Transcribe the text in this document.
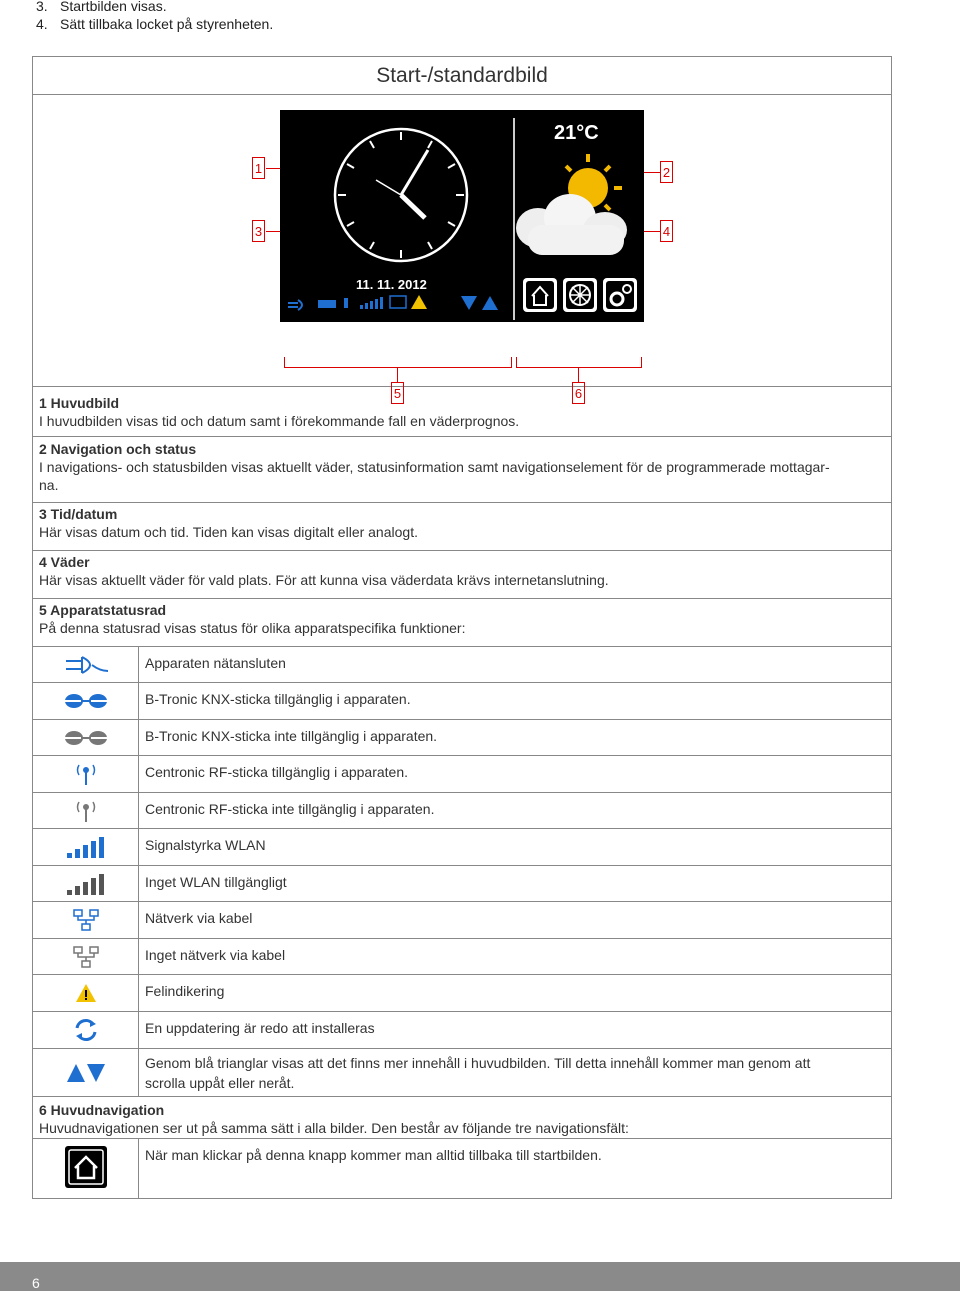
3. Startbilden visas.
4. Sätt tillbaka locket på styrenheten.
Start-/standardbild
1	2
3	4
5	6
11. 11. 2012
21°C
1 Huvudbild
I huvudbilden visas tid och datum samt i förekommande fall en väderprognos.
2 Navigation och status
I navigations- och statusbilden visas aktuellt väder, statusinformation samt navigationselement för de programmerade mottagar-
na.
3 Tid/datum
Här visas datum och tid. Tiden kan visas digitalt eller analogt.
4 Väder
Här visas aktuellt väder för vald plats. För att kunna visa väderdata krävs internetanslutning.
5 Apparatstatusrad
På denna statusrad visas status för olika apparatspecifika funktioner:
Apparaten nätansluten
B-Tronic KNX-sticka tillgänglig i apparaten.
B-Tronic KNX-sticka inte tillgänglig i apparaten.
Centronic RF-sticka tillgänglig i apparaten.
Centronic RF-sticka inte tillgänglig i apparaten.
Signalstyrka WLAN
Inget WLAN tillgängligt
Nätverk via kabel
Inget nätverk via kabel
Felindikering
En uppdatering är redo att installeras
Genom blå trianglar visas att det finns mer innehåll i huvudbilden. Till detta innehåll kommer man genom att
scrolla uppåt eller neråt.
6 Huvudnavigation
Huvudnavigationen ser ut på samma sätt i alla bilder. Den består av följande tre navigationsfält:
När man klickar på denna knapp kommer man alltid tillbaka till startbilden.
6
